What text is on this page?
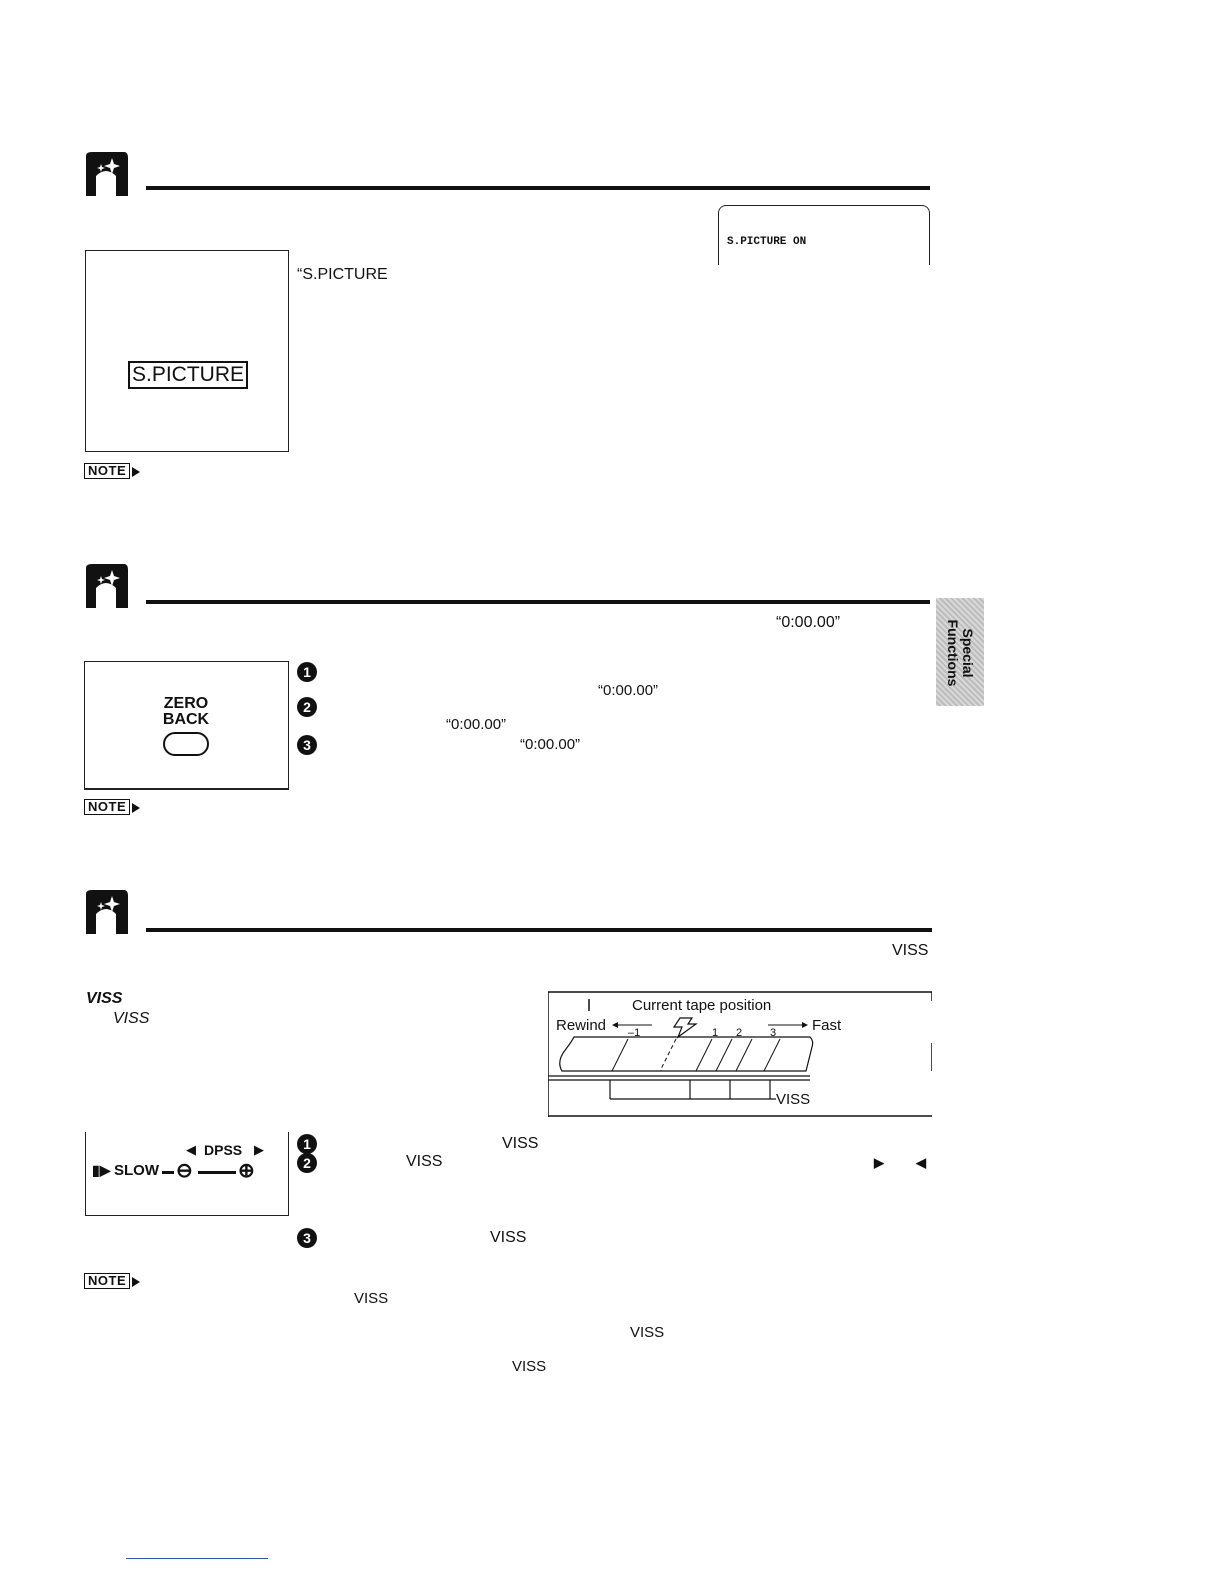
S.PICTURE ON
S.PICTURE
“S.PICTURE
NOTE
Special
Functions
“0:00.00”
ZERO
BACK
1
“0:00.00”
2
“0:00.00”
3	“0:00.00”
NOTE
VISS
VISS
VISS
Current tape position
Rewind	Fast
–1	1 2	3
VISS
▮▶ SLOW ⊖ ⊕
◀ DPSS ▶	1	VISS
2	VISS	▶ ◀
3	VISS
NOTE
VISS
VISS
VISS
